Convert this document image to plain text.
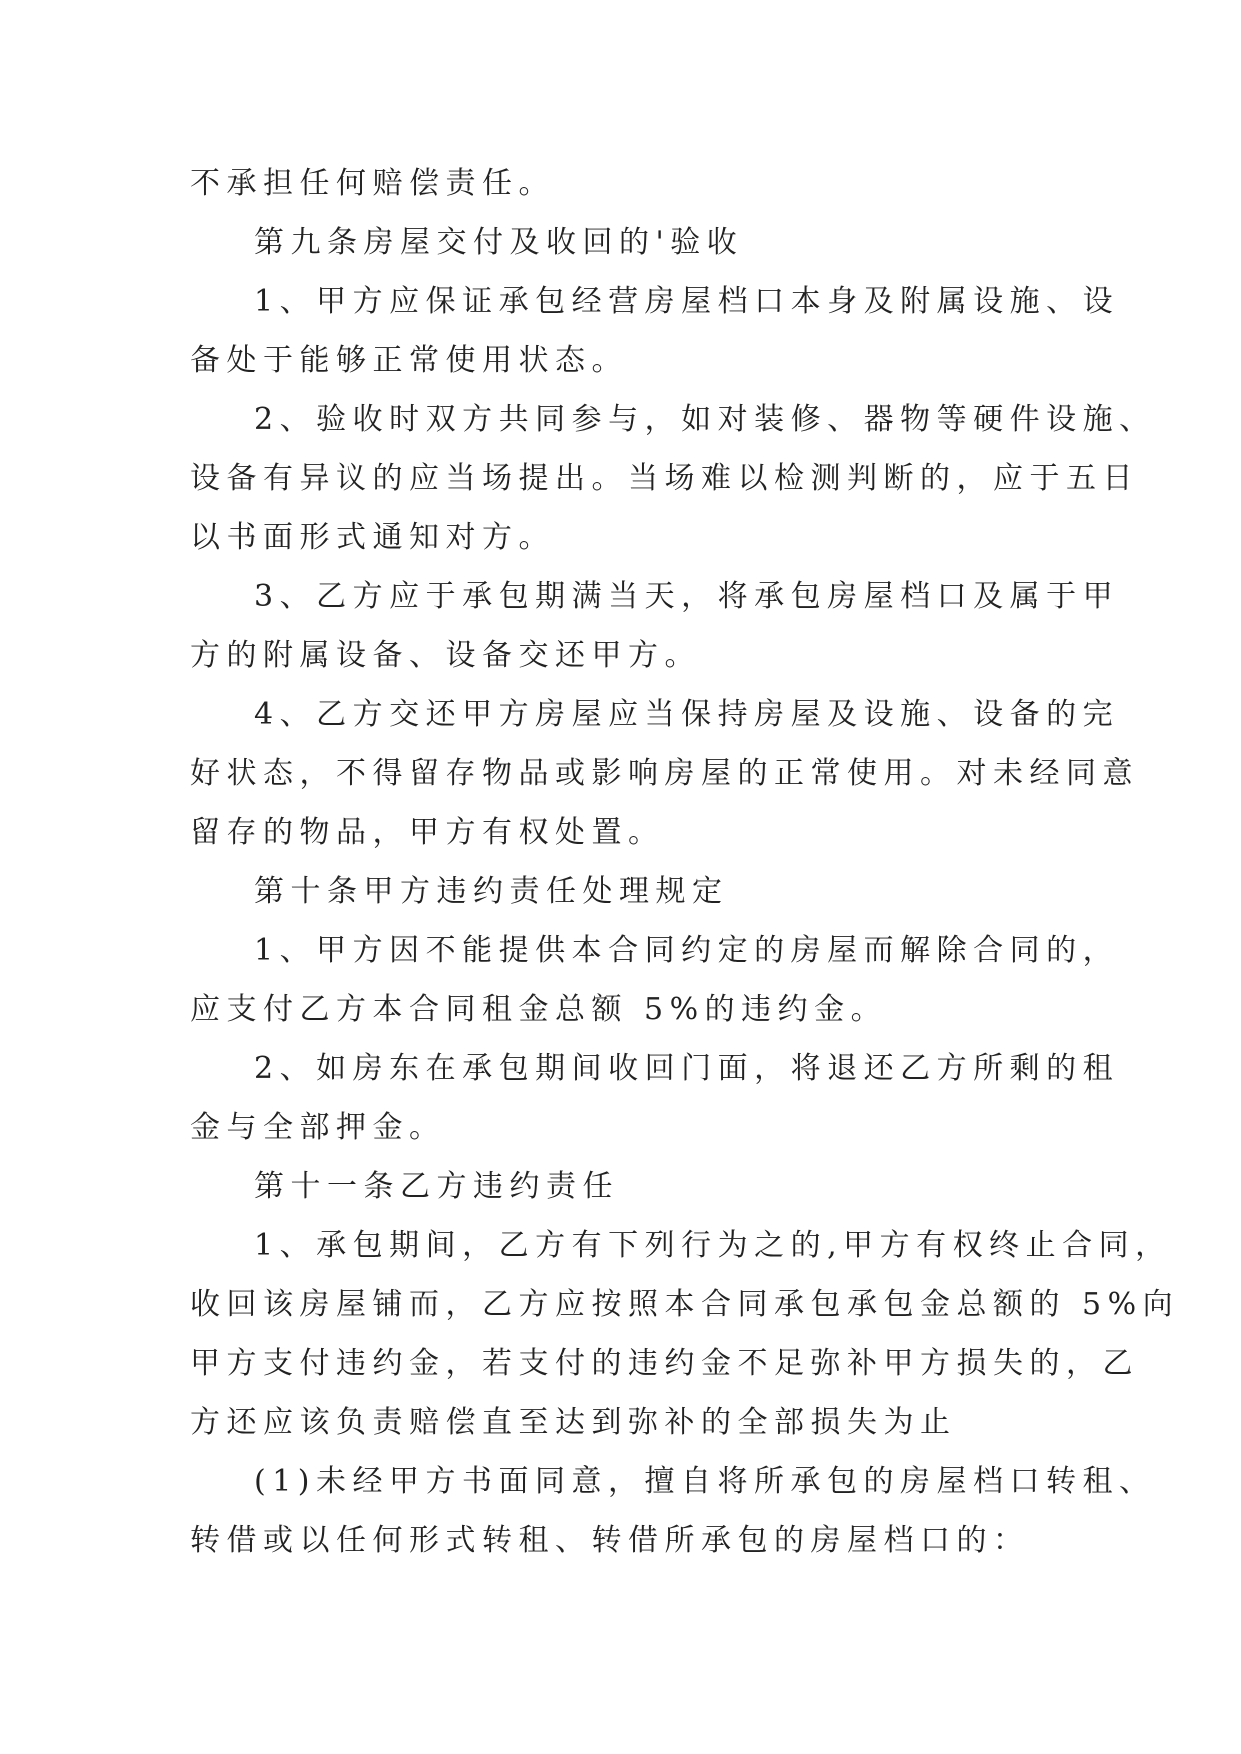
不承担任何赔偿责任。
第九条房屋交付及收回的'验收
1、甲方应保证承包经营房屋档口本身及附属设施、设
备处于能够正常使用状态。
2、验收时双方共同参与，如对装修、器物等硬件设施、
设备有异议的应当场提出。当场难以检测判断的，应于五日
以书面形式通知对方。
3、乙方应于承包期满当天，将承包房屋档口及属于甲
方的附属设备、设备交还甲方。
4、乙方交还甲方房屋应当保持房屋及设施、设备的完
好状态，不得留存物品或影响房屋的正常使用。对未经同意
留存的物品，甲方有权处置。
第十条甲方违约责任处理规定
1、甲方因不能提供本合同约定的房屋而解除合同的，
应支付乙方本合同租金总额 5%的违约金。
2、如房东在承包期间收回门面，将退还乙方所剩的租
金与全部押金。
第十一条乙方违约责任
1、承包期间，乙方有下列行为之的,甲方有权终止合同，
收回该房屋铺而，乙方应按照本合同承包承包金总额的 5%向
甲方支付违约金，若支付的违约金不足弥补甲方损失的，乙
方还应该负责赔偿直至达到弥补的全部损失为止
(1)未经甲方书面同意，擅自将所承包的房屋档口转租、
转借或以任何形式转租、转借所承包的房屋档口的：
